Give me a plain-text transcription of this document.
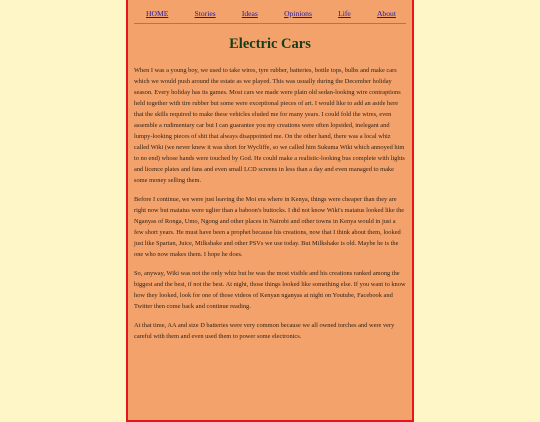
HOME	Stories	Ideas	Opinions	Life	About
Electric Cars

When I was a young boy, we used to take wires, tyre rubber, batteries, bottle tops, bulbs and make cars which we would push around the estate as we played. This was usually during the December holiday season. Every holiday has its games. Most cars we made were plain old sedan-looking wire contraptions held together with tire rubber but some were exceptional pieces of art. I would like to add an aside here that the skills required to make these vehicles eluded me for many years. I could fold the wires, even assemble a rudimentary car but I can guarantee you my creations were often lopsided, inelegant and lumpy-looking pieces of shit that always disappointed me. On the other hand, there was a local whiz called Wiki (we never knew it was short for Wycliffe, so we called him Sukuma Wiki which annoyed him to no end) whose hands were touched by God. He could make a realistic-looking bus complete with lights and licence plates and fans and even small LCD screens in less than a day and even managed to make some money selling them.

Before I continue, we were just leaving the Moi era where in Kenya, things were cheaper than they are right now but matatus were uglier than a baboon's buttocks. I did not know Wiki's matatus looked like the Nganyas of Ronga, Umo, Ngong and other places in Nairobi and other towns in Kenya would in just a few short years. He must have been a prophet because his creations, now that I think about them, looked just like Spartan, Juice, Milkshake and other PSVs we use today. But Milkshake is old. Maybe he is the one who now makes them. I hope he does.

So, anyway, Wiki was not the only whiz but he was the most visible and his creations ranked among the biggest and the best, if not the best. At night, those things looked like something else. If you want to know how they looked, look for one of those videos of Kenyan nganyas at night on Youtube, Facebook and Twitter then come back and continue reading.

At that time, AA and size D batteries were very common because we all owned torches and were very careful with them and even used them to power some electronics.
